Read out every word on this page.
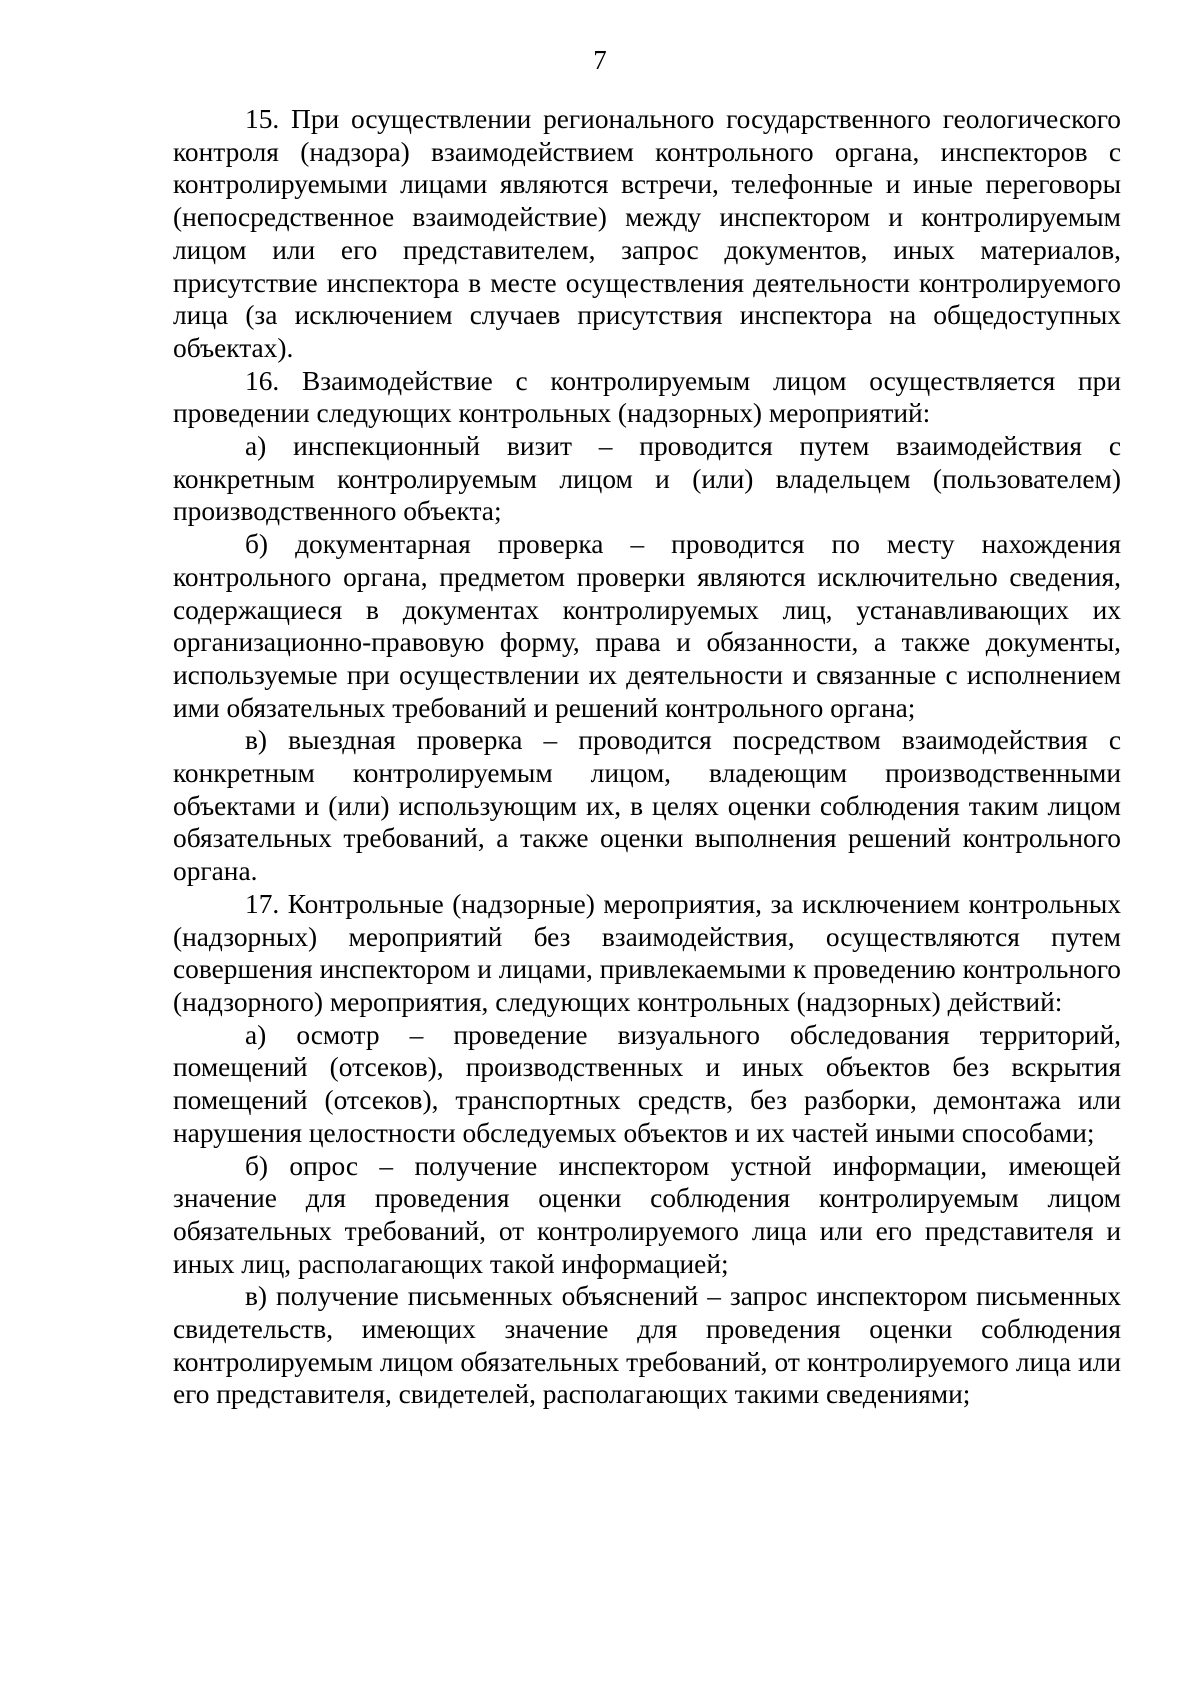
7

15. При осуществлении регионального государственного геологического контроля (надзора) взаимодействием контрольного органа, инспекторов с контролируемыми лицами являются встречи, телефонные и иные переговоры (непосредственное взаимодействие) между инспектором и контролируемым лицом или его представителем, запрос документов, иных материалов, присутствие инспектора в месте осуществления деятельности контролируемого лица (за исключением случаев присутствия инспектора на общедоступных объектах).

16. Взаимодействие с контролируемым лицом осуществляется при проведении следующих контрольных (надзорных) мероприятий:

а) инспекционный визит – проводится путем взаимодействия с конкретным контролируемым лицом и (или) владельцем (пользователем) производственного объекта;

б) документарная проверка – проводится по месту нахождения контрольного органа, предметом проверки являются исключительно сведения, содержащиеся в документах контролируемых лиц, устанавливающих их организационно-правовую форму, права и обязанности, а также документы, используемые при осуществлении их деятельности и связанные с исполнением ими обязательных требований и решений контрольного органа;

в) выездная проверка – проводится посредством взаимодействия с конкретным контролируемым лицом, владеющим производственными объектами и (или) использующим их, в целях оценки соблюдения таким лицом обязательных требований, а также оценки выполнения решений контрольного органа.

17. Контрольные (надзорные) мероприятия, за исключением контрольных (надзорных) мероприятий без взаимодействия, осуществляются путем совершения инспектором и лицами, привлекаемыми к проведению контрольного (надзорного) мероприятия, следующих контрольных (надзорных) действий:

а) осмотр – проведение визуального обследования территорий, помещений (отсеков), производственных и иных объектов без вскрытия помещений (отсеков), транспортных средств, без разборки, демонтажа или нарушения целостности обследуемых объектов и их частей иными способами;

б) опрос – получение инспектором устной информации, имеющей значение для проведения оценки соблюдения контролируемым лицом обязательных требований, от контролируемого лица или его представителя и иных лиц, располагающих такой информацией;

в) получение письменных объяснений – запрос инспектором письменных свидетельств, имеющих значение для проведения оценки соблюдения контролируемым лицом обязательных требований, от контролируемого лица или его представителя, свидетелей, располагающих такими сведениями;
